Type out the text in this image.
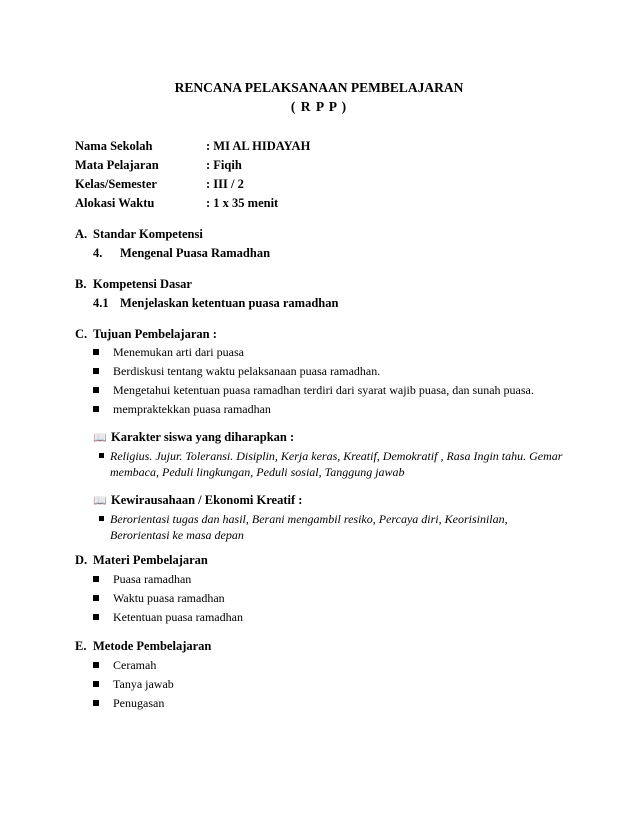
RENCANA PELAKSANAAN PEMBELAJARAN
( R P P )
Nama Sekolah	: MI AL HIDAYAH
Mata Pelajaran	: Fiqih
Kelas/Semester	: III / 2
Alokasi Waktu	: 1 x 35 menit
A. Standar Kompetensi
4. Mengenal Puasa Ramadhan
B. Kompetensi Dasar
4.1 Menjelaskan ketentuan puasa ramadhan
C. Tujuan Pembelajaran :
Menemukan arti dari puasa
Berdiskusi tentang waktu pelaksanaan puasa ramadhan.
Mengetahui ketentuan puasa ramadhan terdiri dari syarat wajib puasa, dan sunah puasa.
mempraktekkan puasa ramadhan
📖 Karakter siswa yang diharapkan :
Religius. Jujur. Toleransi. Disiplin, Kerja keras, Kreatif, Demokratif , Rasa Ingin tahu. Gemar membaca, Peduli lingkungan, Peduli sosial, Tanggung jawab
📖 Kewirausahaan / Ekonomi Kreatif :
Berorientasi tugas dan hasil, Berani mengambil resiko, Percaya diri, Keorisinilan, Berorientasi ke masa depan
D. Materi Pembelajaran
Puasa ramadhan
Waktu puasa ramadhan
Ketentuan puasa ramadhan
E. Metode Pembelajaran
Ceramah
Tanya jawab
Penugasan
